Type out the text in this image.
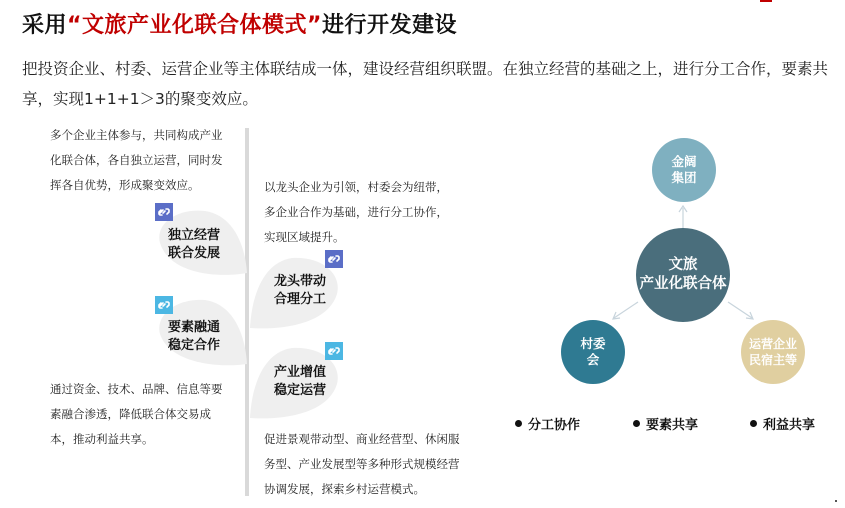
采用“文旅产业化联合体模式”进行开发建设
把投资企业、村委、运营企业等主体联结成一体，建设经营组织联盟。在独立经营的基础之上，进行分工合作，要素共享，实现1+1+1＞3的聚变效应。
独立经营
联合发展
要素融通
稳定合作
龙头带动
合理分工
产业增值
稳定运营
多个企业主体参与，共同构成产业化联合体，各自独立运营，同时发挥各自优势，形成聚变效应。
通过资金、技术、品牌、信息等要素融合渗透，降低联合体交易成本，推动利益共享。
以龙头企业为引领，村委会为纽带，多企业合作为基础，进行分工协作，实现区域提升。
促进景观带动型、商业经营型、休闲服务型、产业发展型等多种形式规模经营协调发展，探索乡村运营模式。
金阔
集团
文旅
产业化联合体
村委
会
运营企业
民宿主等
分工协作	要素共享	利益共享
